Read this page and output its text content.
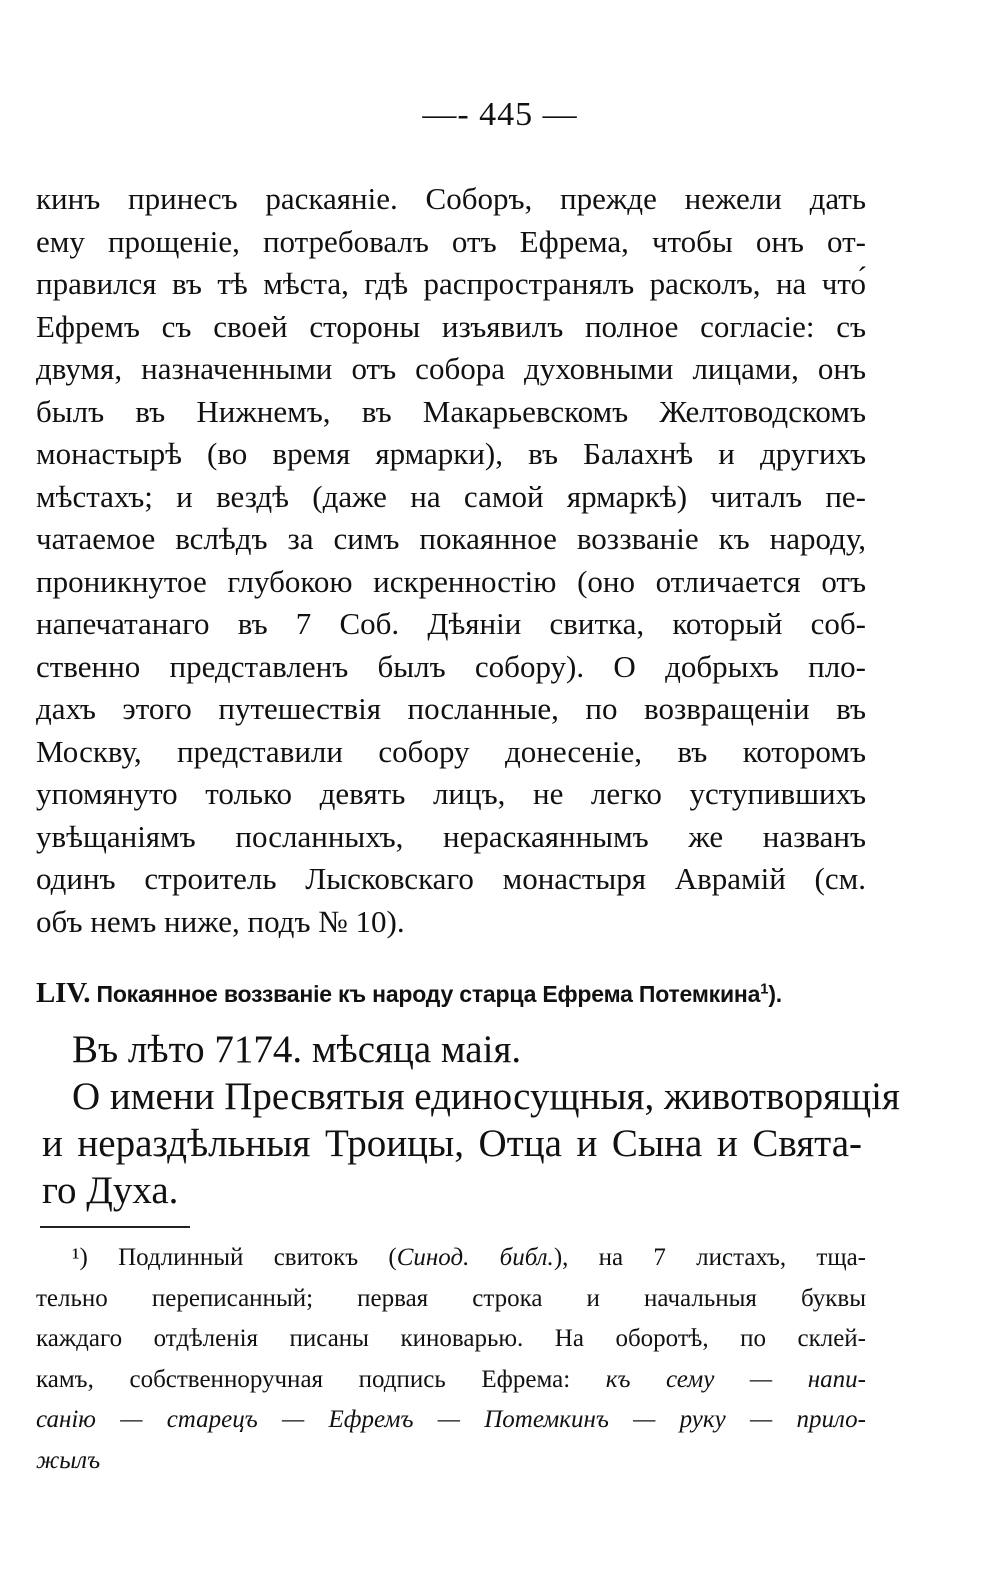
—- 445 —
кинъ принесъ раскаяніе. Соборъ, прежде нежели дать
ему прощеніе, потребовалъ отъ Ефрема, чтобы онъ от-
правился въ тѣ мѣста, гдѣ распространялъ расколъ, на что́
Ефремъ съ своей стороны изъявилъ полное согласіе: съ
двумя, назначенными отъ собора духовными лицами, онъ
былъ въ Нижнемъ, въ Макарьевскомъ Желтоводскомъ
монастырѣ (во время ярмарки), въ Балахнѣ и другихъ
мѣстахъ; и вездѣ (даже на самой ярмаркѣ) читалъ пе-
чатаемое вслѣдъ за симъ покаянное воззваніе къ народу,
проникнутое глубокою искренностію (оно отличается отъ
напечатанаго въ 7 Соб. Дѣяніи свитка, который соб-
ственно представленъ былъ собору). О добрыхъ пло-
дахъ этого путешествія посланные, по возвращеніи въ
Москву, представили собору донесеніе, въ которомъ
упомянуто только девять лицъ, не легко уступившихъ
увѣщаніямъ посланныхъ, нераскаяннымъ же названъ
одинъ строитель Лысковскаго монастыря Аврамій (см.
объ немъ ниже, подъ № 10).
LIV. Покаянное воззваніе къ народу старца Ефрема Потемкина$^1$).
Въ лѣто 7174. мѣсяца маія.
О имени Пресвятыя единосущныя, животворящія
и нераздѣльныя Троицы, Отца и Сына и Свята-
го Духа.
¹) Подлинный свитокъ (Синод. библ.), на 7 листахъ, тща-
тельно переписанный; первая строка и начальныя буквы
каждаго отдѣленія писаны киноварью. На оборотѣ, по склей-
камъ, собственноручная подпись Ефрема: къ сему — напи-
санію — старецъ — Ефремъ — Потемкинъ — руку — прило-
жылъ
